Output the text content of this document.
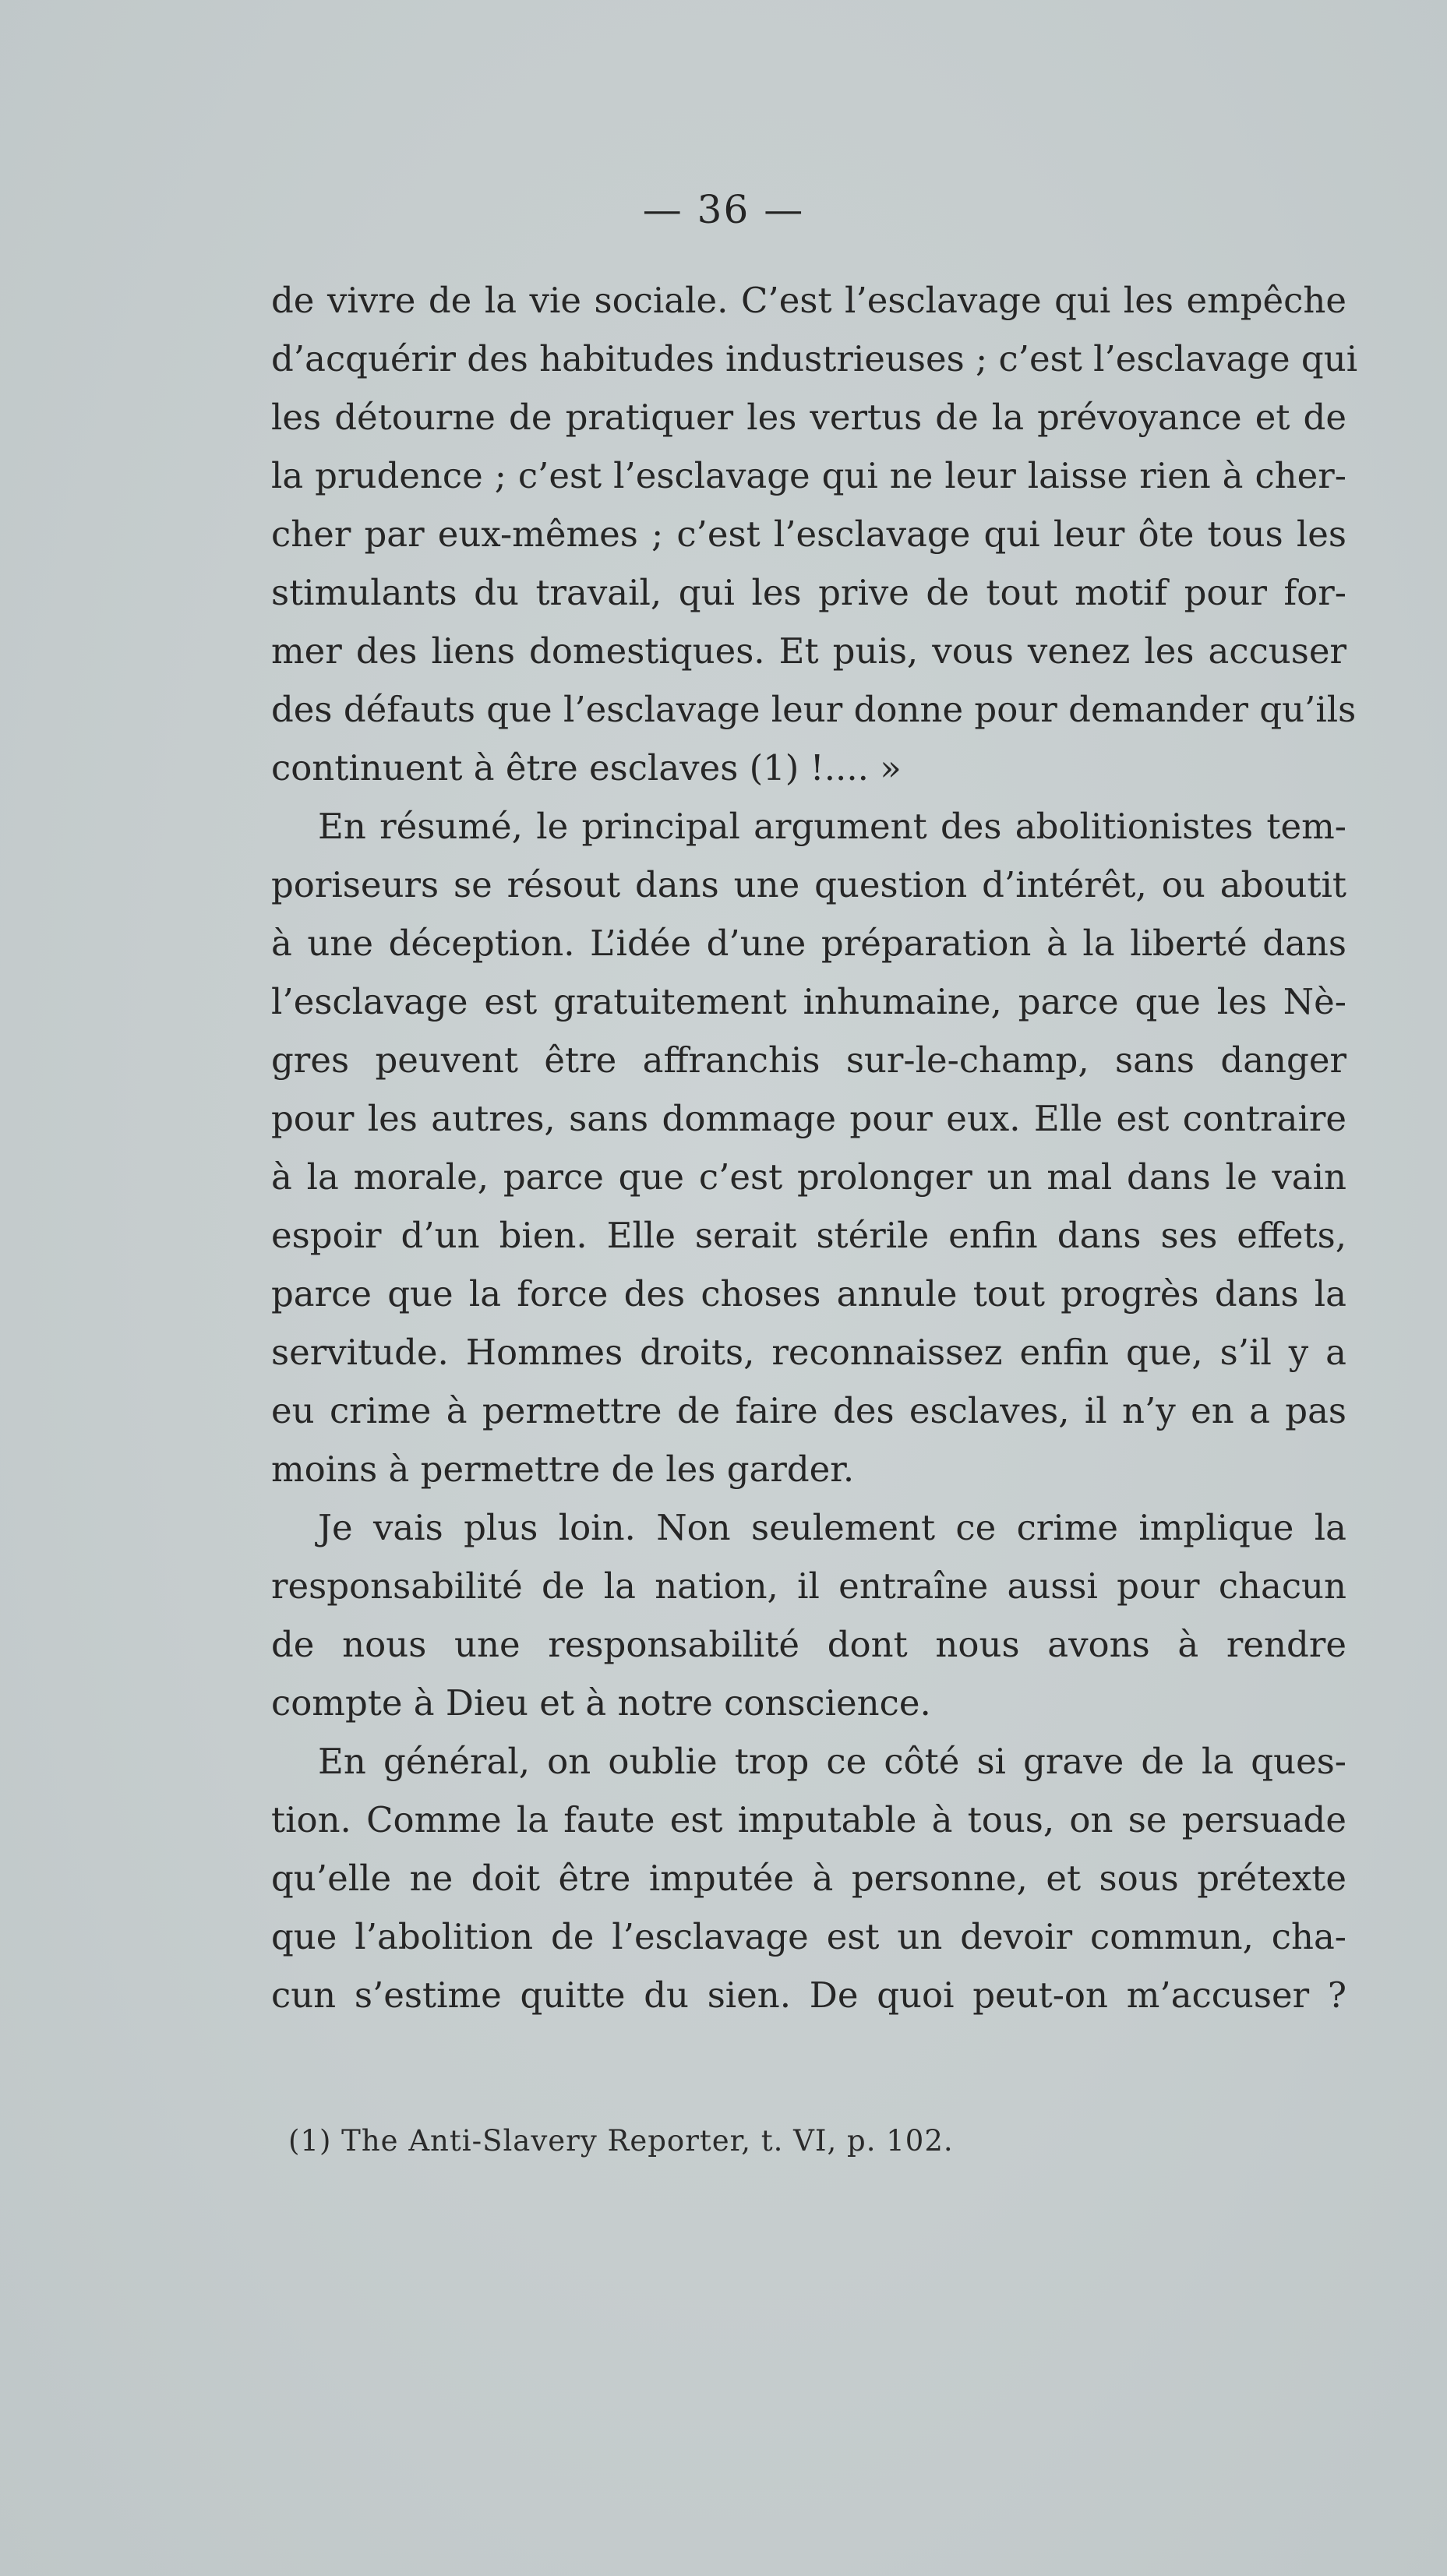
— 36 —
de vivre de la vie sociale. C’est l’esclavage qui les empêche
d’acquérir des habitudes industrieuses ; c’est l’esclavage qui
les détourne de pratiquer les vertus de la prévoyance et de
la prudence ; c’est l’esclavage qui ne leur laisse rien à cher-
cher par eux-mêmes ; c’est l’esclavage qui leur ôte tous les
stimulants du travail, qui les prive de tout motif pour for-
mer des liens domestiques. Et puis, vous venez les accuser
des défauts que l’esclavage leur donne pour demander qu’ils
continuent à être esclaves (1) !.... »
En résumé, le principal argument des abolitionistes tem-
poriseurs se résout dans une question d’intérêt, ou aboutit
à une déception. L’idée d’une préparation à la liberté dans
l’esclavage est gratuitement inhumaine, parce que les Nè-
gres peuvent être affranchis sur-le-champ, sans danger
pour les autres, sans dommage pour eux. Elle est contraire
à la morale, parce que c’est prolonger un mal dans le vain
espoir d’un bien. Elle serait stérile enfin dans ses effets,
parce que la force des choses annule tout progrès dans la
servitude. Hommes droits, reconnaissez enfin que, s’il y a
eu crime à permettre de faire des esclaves, il n’y en a pas
moins à permettre de les garder.
Je vais plus loin. Non seulement ce crime implique la
responsabilité de la nation, il entraîne aussi pour chacun
de nous une responsabilité dont nous avons à rendre
compte à Dieu et à notre conscience.
En général, on oublie trop ce côté si grave de la ques-
tion. Comme la faute est imputable à tous, on se persuade
qu’elle ne doit être imputée à personne, et sous prétexte
que l’abolition de l’esclavage est un devoir commun, cha-
cun s’estime quitte du sien. De quoi peut-on m’accuser ?
(1) The Anti-Slavery Reporter, t. VI, p. 102.
